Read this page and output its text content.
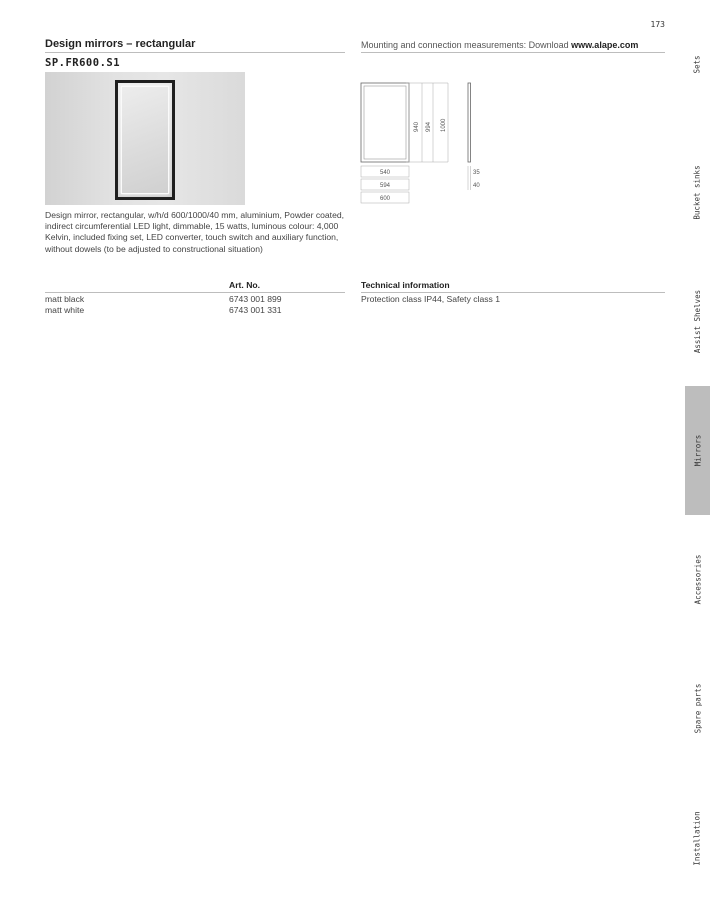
173
Design mirrors – rectangular	Mounting and connection measurements: Download www.alape.com
SP.FR600.S1
Design mirror, rectangular, w/h/d 600/1000/40 mm, aluminium, Powder coated, indirect circumferential LED light, dimmable, 15 watts, luminous colour: 4,000 Kelvin, included fixing set, LED converter, touch switch and auxiliary function, without dowels (to be adjusted to constructional situation)
940 994 1000
540
594
600
35
40
Art. No.
matt black	6743 001 899
matt white	6743 001 331
Technical information
Protection class IP44, Safety class 1
Sets
Bucket sinks
Assist Shelves
Mirrors
Accessories
Spare parts
Installation
